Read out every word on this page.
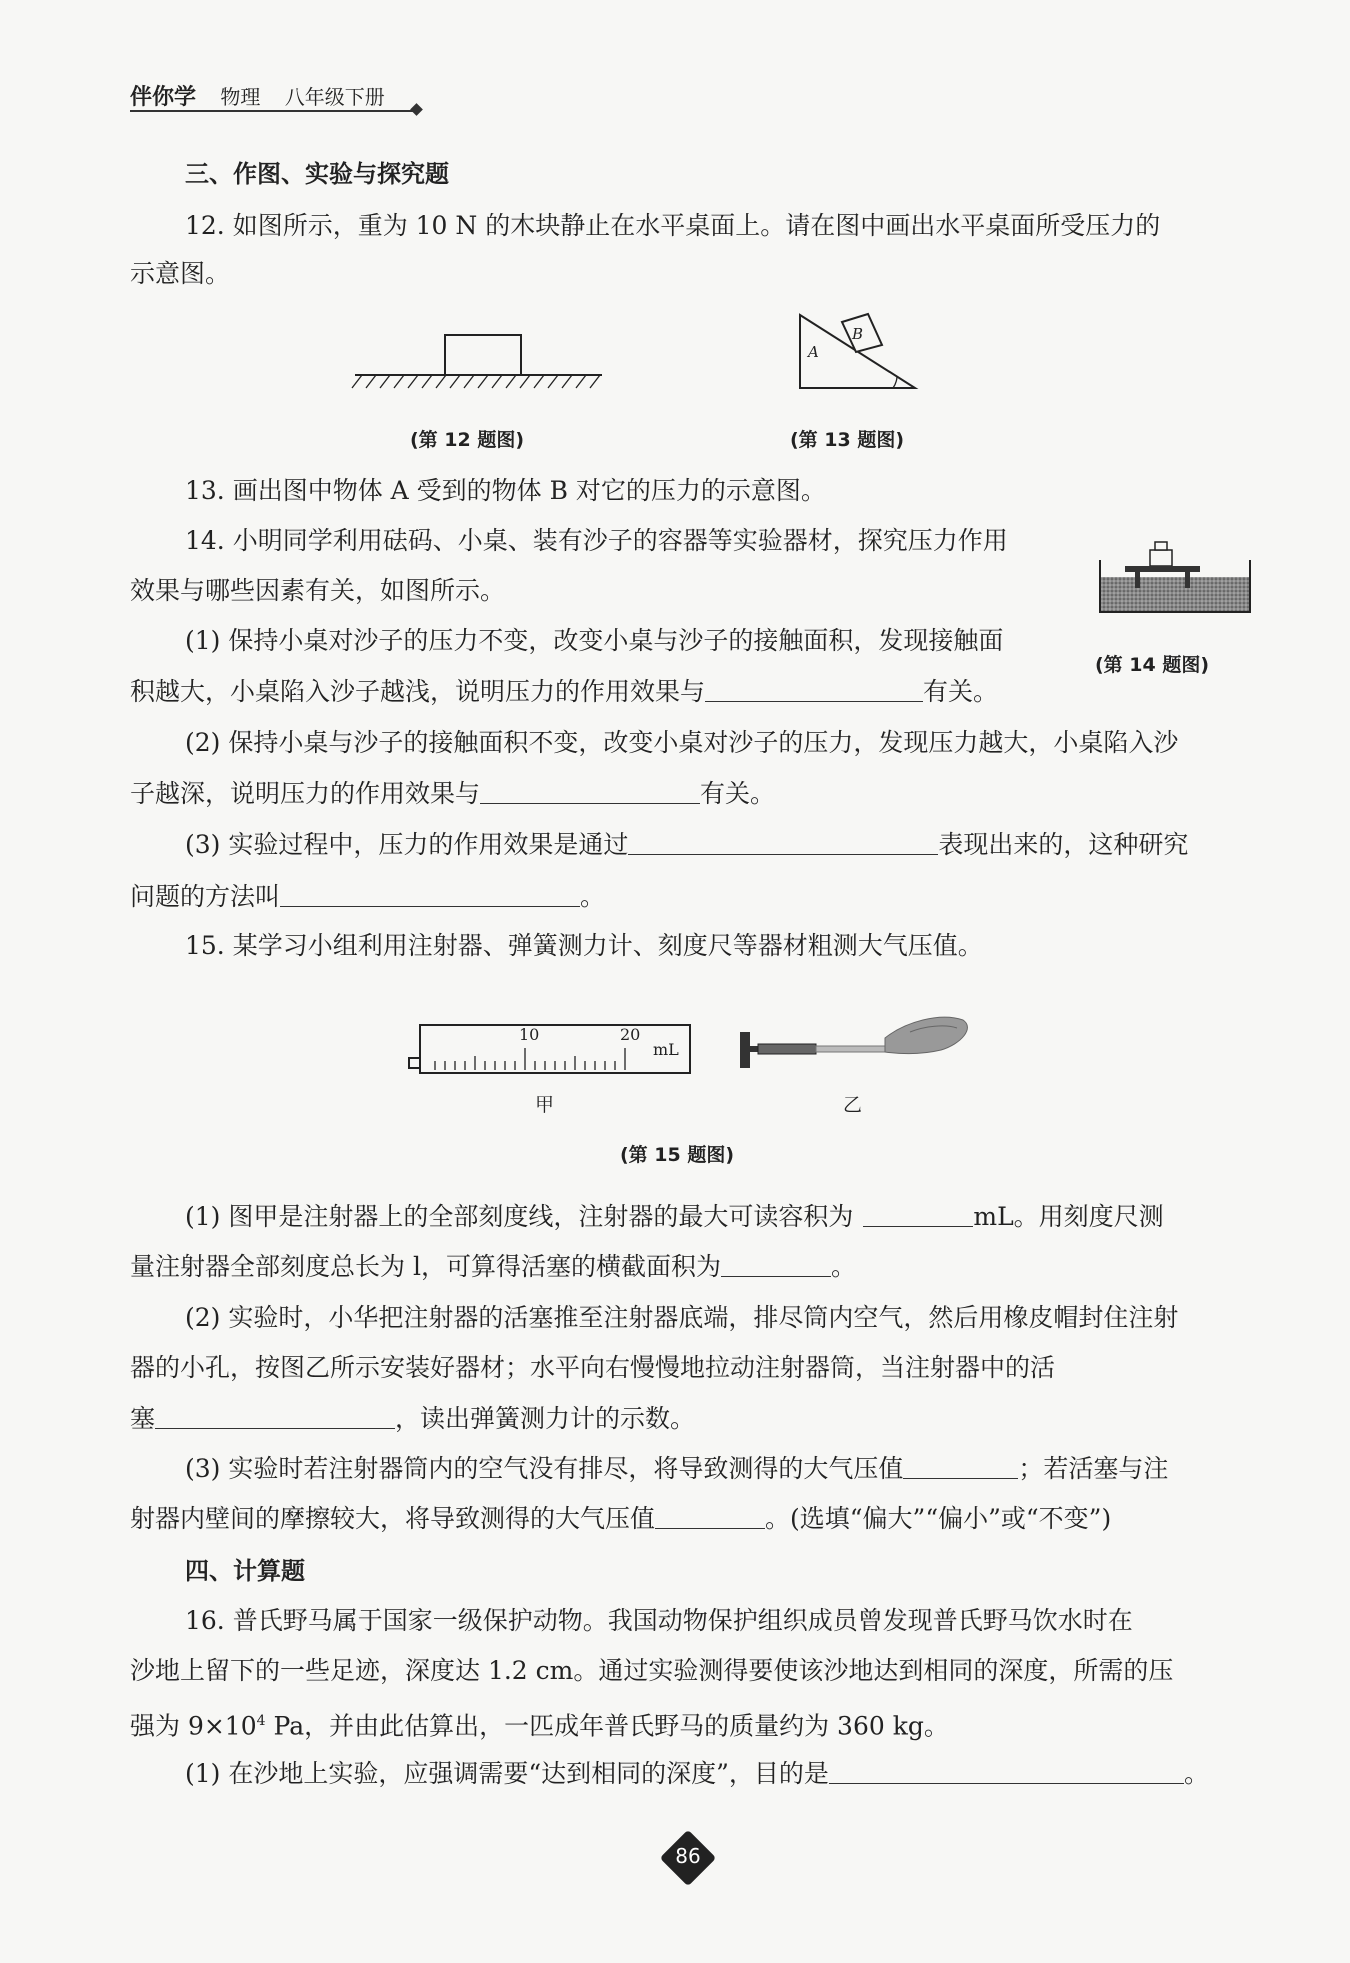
伴你学 物理 八年级下册
三、作图、实验与探究题
12. 如图所示，重为 10 N 的木块静止在水平桌面上。请在图中画出水平桌面所受压力的
示意图。
(第 12 题图)
A
B
(第 13 题图)
13. 画出图中物体 A 受到的物体 B 对它的压力的示意图。
14. 小明同学利用砝码、小桌、装有沙子的容器等实验器材，探究压力作用
效果与哪些因素有关，如图所示。
(第 14 题图)
(1) 保持小桌对沙子的压力不变，改变小桌与沙子的接触面积，发现接触面
积越大，小桌陷入沙子越浅，说明压力的作用效果与	有关。
(2) 保持小桌与沙子的接触面积不变，改变小桌对沙子的压力，发现压力越大，小桌陷入沙
子越深，说明压力的作用效果与	有关。
(3) 实验过程中，压力的作用效果是通过	表现出来的，这种研究
问题的方法叫	。
15. 某学习小组利用注射器、弹簧测力计、刻度尺等器材粗测大气压值。
10	20
mL
甲	乙
(第 15 题图)
(1) 图甲是注射器上的全部刻度线，注射器的最大可读容积为	mL。用刻度尺测
量注射器全部刻度总长为 l，可算得活塞的横截面积为	。
(2) 实验时，小华把注射器的活塞推至注射器底端，排尽筒内空气，然后用橡皮帽封住注射
器的小孔，按图乙所示安装好器材；水平向右慢慢地拉动注射器筒，当注射器中的活
塞	，读出弹簧测力计的示数。
(3) 实验时若注射器筒内的空气没有排尽，将导致测得的大气压值	；若活塞与注
射器内壁间的摩擦较大，将导致测得的大气压值	。(选填“偏大”“偏小”或“不变”)
四、计算题
16. 普氏野马属于国家一级保护动物。我国动物保护组织成员曾发现普氏野马饮水时在
沙地上留下的一些足迹，深度达 1.2 cm。通过实验测得要使该沙地达到相同的深度，所需的压
强为 $9\times 10^4$ Pa，并由此估算出，一匹成年普氏野马的质量约为 360 kg。
(1) 在沙地上实验，应强调需要“达到相同的深度”，目的是	。
86
